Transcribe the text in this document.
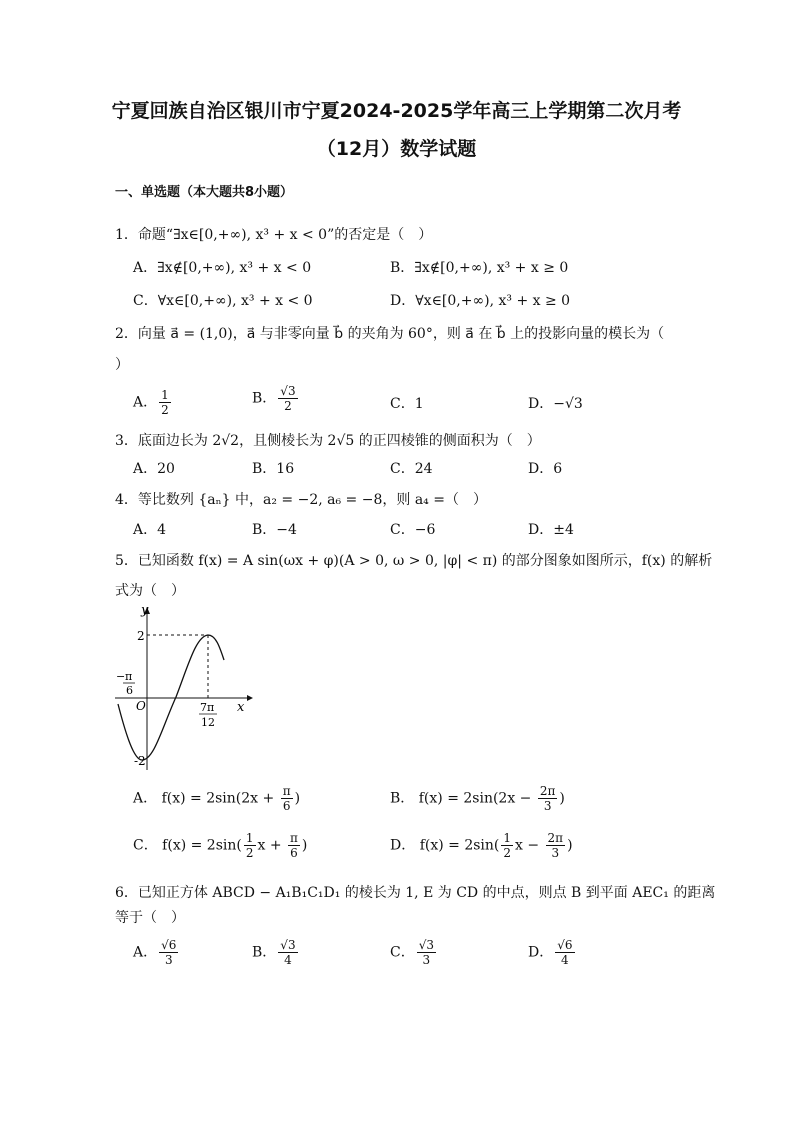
宁夏回族自治区银川市宁夏2024-2025学年高三上学期第二次月考
（12月）数学试题
一、单选题（本大题共8小题）
1．命题“∃x∈[0,+∞), x³ + x < 0”的否定是（　）
A．∃x∉[0,+∞), x³ + x < 0	B．∃x∉[0,+∞), x³ + x ≥ 0
C．∀x∈[0,+∞), x³ + x < 0	D．∀x∈[0,+∞), x³ + x ≥ 0
2．向量 a⃗ = (1,0)，a⃗ 与非零向量 b⃗ 的夹角为 60°，则 a⃗ 在 b⃗ 上的投影向量的模长为（
）
A． $\frac{1}{2}$	B． $\frac{√3}{2}$	C．1	D．−√3
3．底面边长为 2√2，且侧棱长为 2√5 的正四棱锥的侧面积为（　）
A．20	B．16	C．24	D．6
4．等比数列 {aₙ} 中，a₂ = −2, a₆ = −8，则 a₄ =（　）
A．4	B．−4	C．−6	D．±4
5．已知函数 f(x) = A sin(ωx + φ)(A > 0, ω > 0, |φ| < π) 的部分图象如图所示，f(x) 的解析
式为（　）
y
x
O
2
-2
− π
6
7π
12
A． $f(x) = 2\sin(2x + \frac{\pi}{6}$ )	B． $f(x) = 2\sin(2x - \frac{2\pi}{3}$ )
C． $f(x) = 2\sin( \frac{1}{2}$ $x + \frac{\pi}{6}$ )	D． $f(x) = 2\sin( \frac{1}{2}$ $x - \frac{2\pi}{3}$ )
6．已知正方体 ABCD − A₁B₁C₁D₁ 的棱长为 1, E 为 CD 的中点，则点 B 到平面 AEC₁ 的距离
等于（　）
A． $\frac{√6}{3}$	B． $\frac{√3}{4}$	C． $\frac{√3}{3}$	D． $\frac{√6}{4}$
